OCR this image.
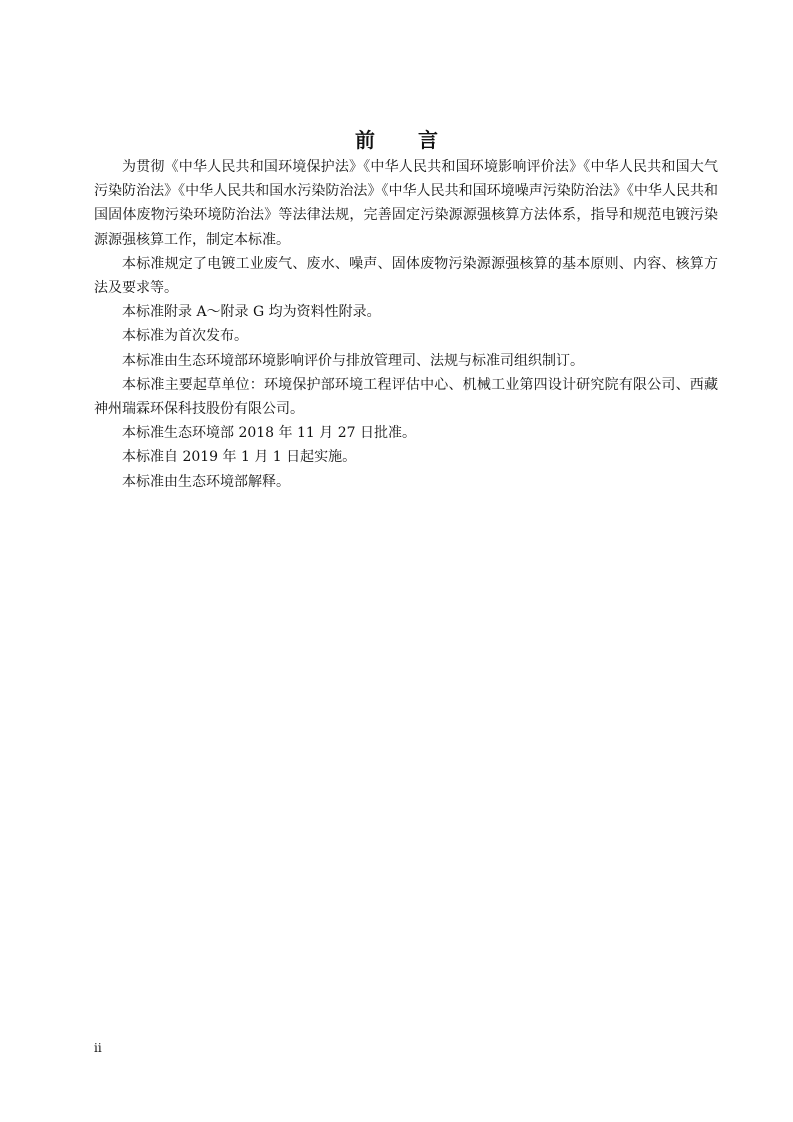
前 言

为贯彻《中华人民共和国环境保护法》《中华人民共和国环境影响评价法》《中华人民共和国大气污染防治法》《中华人民共和国水污染防治法》《中华人民共和国环境噪声污染防治法》《中华人民共和国固体废物污染环境防治法》等法律法规，完善固定污染源源强核算方法体系，指导和规范电镀污染源源强核算工作，制定本标准。

本标准规定了电镀工业废气、废水、噪声、固体废物污染源源强核算的基本原则、内容、核算方法及要求等。

本标准附录 A～附录 G 均为资料性附录。

本标准为首次发布。

本标准由生态环境部环境影响评价与排放管理司、法规与标准司组织制订。

本标准主要起草单位：环境保护部环境工程评估中心、机械工业第四设计研究院有限公司、西藏神州瑞霖环保科技股份有限公司。

本标准生态环境部 2018 年 11 月 27 日批准。

本标准自 2019 年 1 月 1 日起实施。

本标准由生态环境部解释。

ii
